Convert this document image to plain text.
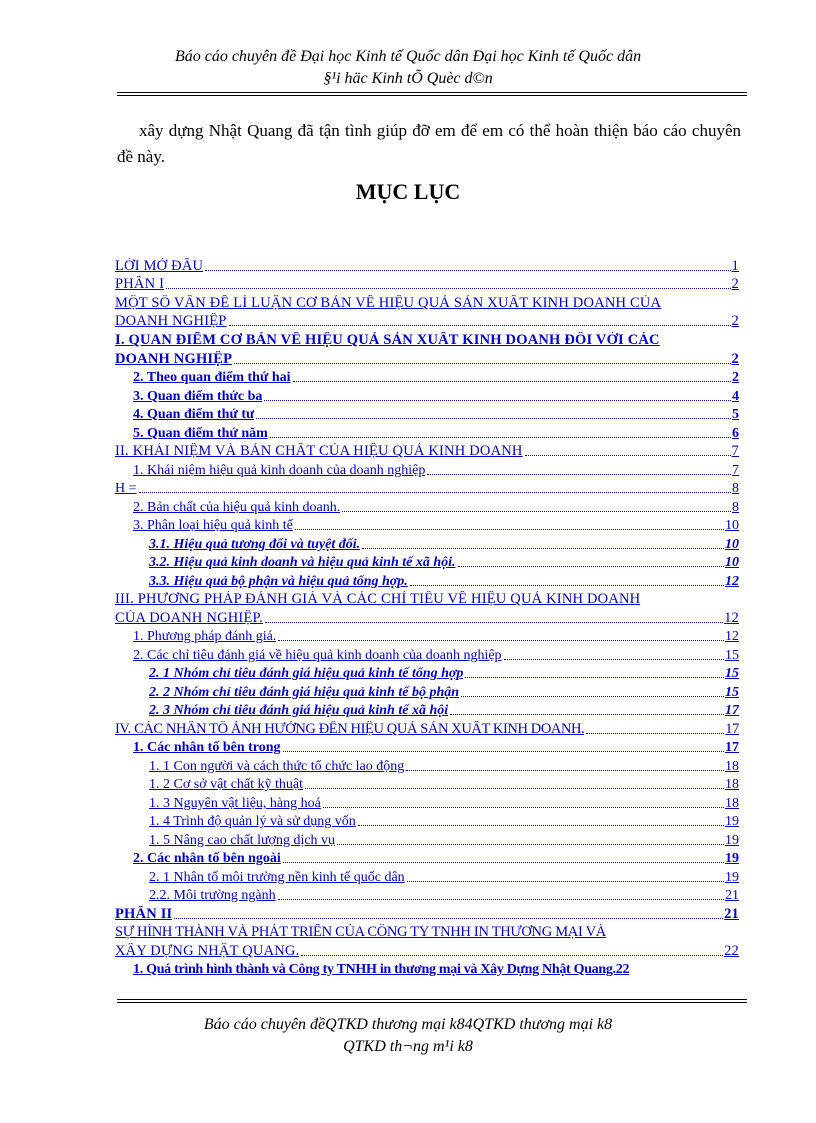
Báo cáo chuyên đề Đại học Kinh tế Quốc dân Đại học Kinh tế Quốc dân
§¹i häc Kinh tÕ Quèc d©n
xây dựng Nhật Quang đã tận tình giúp đỡ em để em có thể hoàn thiện báo cáo chuyên đề này.
MỤC LỤC
LỜI MỞ ĐẦU	1
PHẦN I	2
MỘT SỐ VẤN ĐỀ LÍ LUẬN CƠ BẢN VỀ HIỆU QUẢ SẢN XUẤT KINH DOANH CỦA
DOANH NGHIỆP	2
I. QUAN ĐIỂM CƠ BẢN VỀ HIỆU QUẢ SẢN XUẤT KINH DOANH ĐỐI VỚI CÁC
DOANH NGHIỆP	2
2. Theo quan điểm thứ hai	2
3. Quan điểm thức ba	4
4. Quan điểm thứ tư	5
5. Quan điểm thứ năm	6
II. KHÁI NIỆM VÀ BẢN CHẤT CỦA HIỆU QUẢ KINH DOANH	7
1. Khái niệm hiệu quả kinh doanh của doanh nghiệp	7
H =	8
2. Bản chất của hiệu quả kinh doanh.	8
3. Phân loại hiệu quả kinh tế	10
3.1. Hiệu quả tương đối và tuyệt đối.	10
3.2. Hiệu quả kinh doanh và hiệu quả kinh tế xã hội.	10
3.3. Hiệu quả bộ phận và hiệu quả tổng hợp.	12
III. PHƯƠNG PHÁP ĐÁNH GIÁ VÀ CÁC CHỈ TIÊU VỀ HIỆU QUẢ KINH DOANH
CỦA DOANH NGHIỆP.	12
1. Phương pháp đánh giá.	12
2. Các chỉ tiêu đánh giá về hiệu quả kinh doanh của doanh nghiệp	15
2. 1 Nhóm chỉ tiêu đánh giá hiệu quả kinh tế tổng hợp	15
2. 2 Nhóm chỉ tiêu đánh giá hiệu quả kinh tế bộ phận	15
2. 3 Nhóm chỉ tiêu đánh giá hiệu quả kinh tế xã hội	17
IV. CÁC NHÂN TỐ ẢNH HƯỞNG ĐẾN HIỆU QUẢ SẢN XUẤT KINH DOANH.	17
1. Các nhân tố bên trong	17
1. 1 Con người và cách thức tổ chức lao động	18
1. 2 Cơ sở vật chất kỹ thuật	18
1. 3 Nguyên vật liệu, hàng hoá	18
1. 4 Trình độ quản lý và sử dụng vốn	19
1. 5 Nâng cao chất lượng dịch vụ	19
2. Các nhân tố bên ngoài	19
2. 1 Nhân tố môi trường nền kinh tế quốc dân	19
2.2. Môi trường ngành	21
PHẦN II	21
SỰ HÌNH THÀNH VÀ PHÁT TRIỂN CỦA CÔNG TY TNHH IN THƯƠNG MẠI VÀ
XÂY DỰNG NHẬT QUANG.	22
1. Quá trình hình thành và Công ty TNHH in thương mại và Xây Dựng Nhật Quang. 22
Báo cáo chuyên đềQTKD thương mại k84QTKD thương mại k8
QTKD th¬ng m¹i k8
